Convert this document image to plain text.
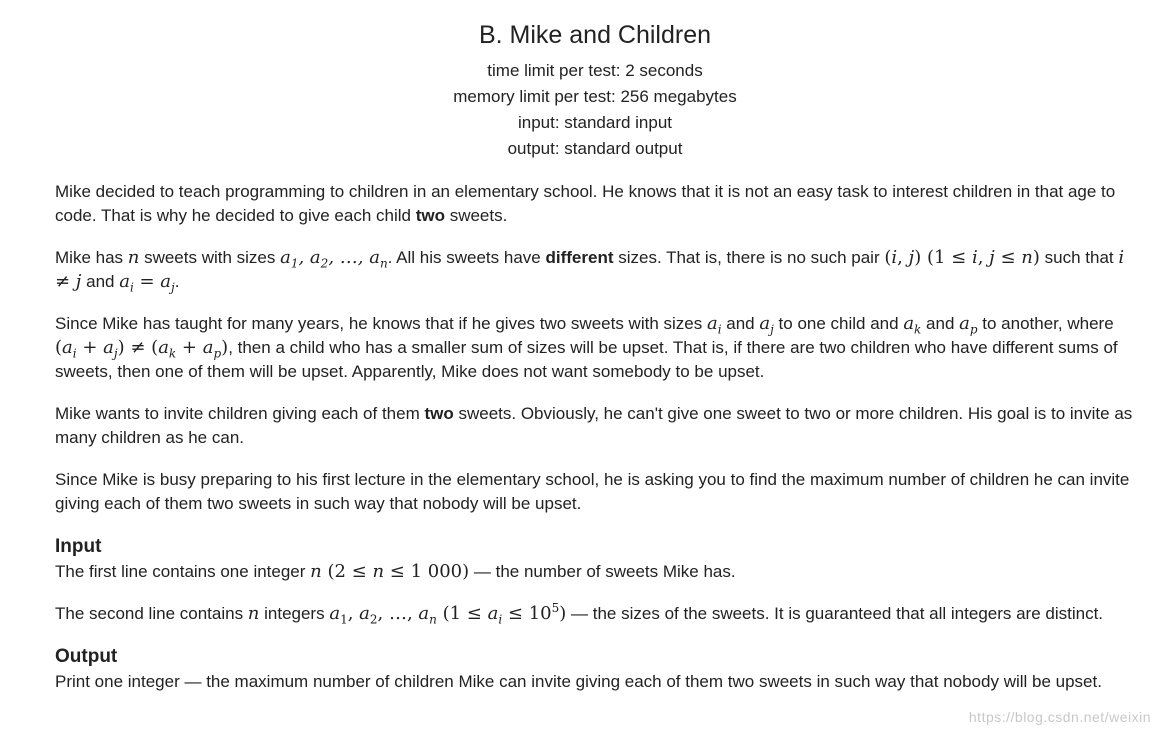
B. Mike and Children
time limit per test: 2 seconds
memory limit per test: 256 megabytes
input: standard input
output: standard output

Mike decided to teach programming to children in an elementary school. He knows that it is not an easy task to interest children in that age to code. That is why he decided to give each child two sweets.

Mike has n sweets with sizes $a_1$, $a_2$, …, $a_n$. All his sweets have different sizes. That is, there is no such pair (i, j) (1 ≤ i, j ≤ n) such that i ≠ j and $a_i = a_j$.

Since Mike has taught for many years, he knows that if he gives two sweets with sizes $a_i$ and $a_j$ to one child and $a_k$ and $a_p$ to another, where $(a_i + a_j) \ne (a_k + a_p)$, then a child who has a smaller sum of sizes will be upset. That is, if there are two children who have different sums of sweets, then one of them will be upset. Apparently, Mike does not want somebody to be upset.

Mike wants to invite children giving each of them two sweets. Obviously, he can't give one sweet to two or more children. His goal is to invite as many children as he can.

Since Mike is busy preparing to his first lecture in the elementary school, he is asking you to find the maximum number of children he can invite giving each of them two sweets in such way that nobody will be upset.

Input

The first line contains one integer n (2 ≤ n ≤ 1 000) — the number of sweets Mike has.

The second line contains n integers $a_1$, $a_2$, …, $a_n$ $(1 \le a_i \le 10^5)$ — the sizes of the sweets. It is guaranteed that all integers are distinct.

Output

Print one integer — the maximum number of children Mike can invite giving each of them two sweets in such way that nobody will be upset.

https://blog.csdn.net/weixin
